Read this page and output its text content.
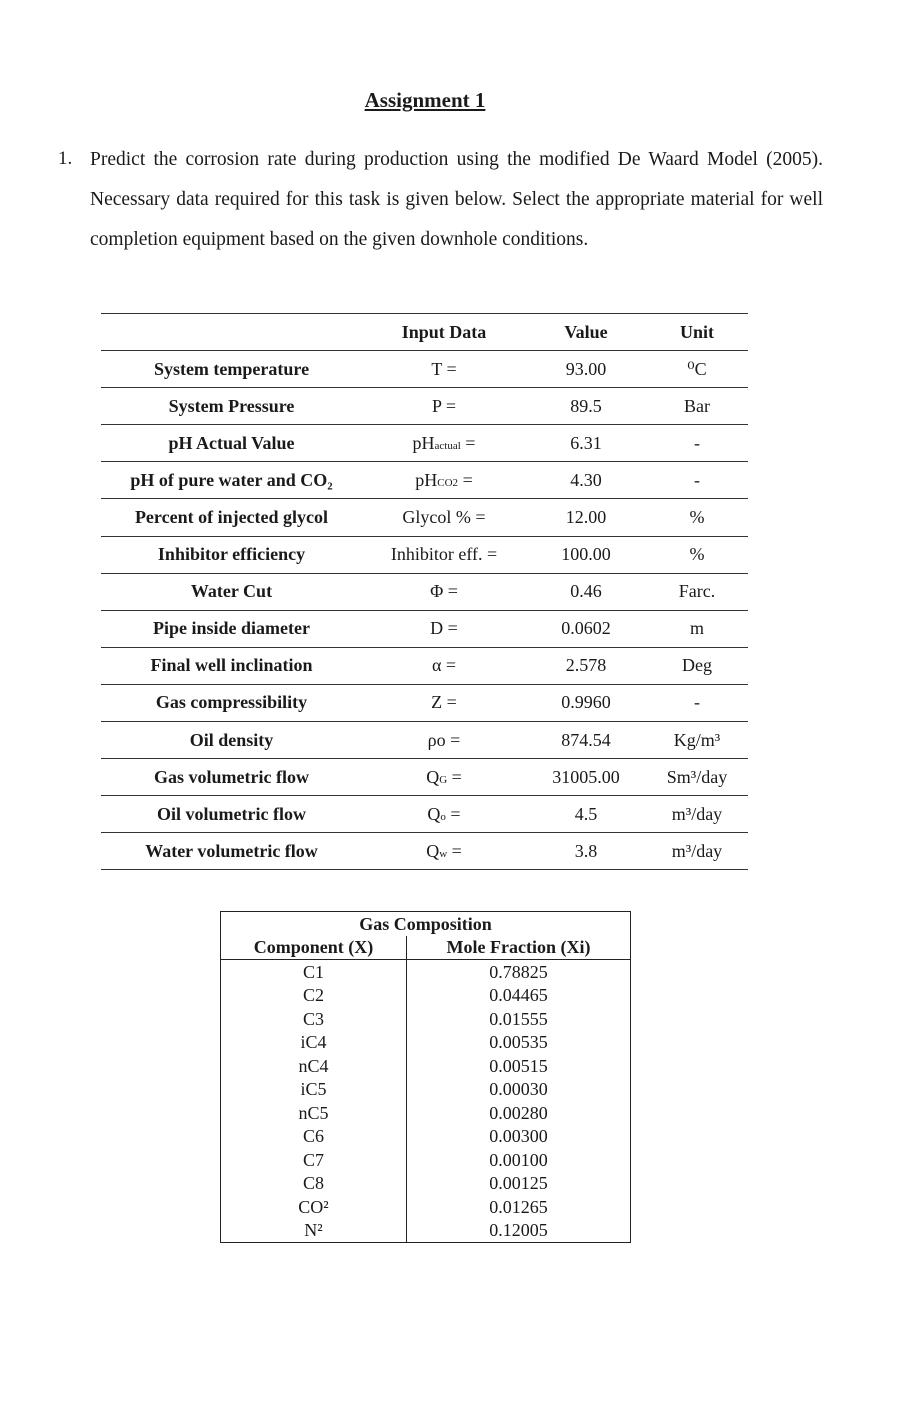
Assignment 1
1. Predict the corrosion rate during production using the modified De Waard Model (2005). Necessary data required for this task is given below. Select the appropriate material for well completion equipment based on the given downhole conditions.
	Input Data	Value	Unit
System temperature	T =	93.00	⁰C
System Pressure	P =	89.5	Bar
pH Actual Value	pHactual =	6.31	-
pH of pure water and CO₂	pHCO2 =	4.30	-
Percent of injected glycol	Glycol % =	12.00	%
Inhibitor efficiency	Inhibitor eff. =	100.00	%
Water Cut	Φ =	0.46	Farc.
Pipe inside diameter	D =	0.0602	m
Final well inclination	α =	2.578	Deg
Gas compressibility	Z =	0.9960	-
Oil density	ρo =	874.54	Kg/m³
Gas volumetric flow	QG =	31005.00	Sm³/day
Oil volumetric flow	Qo =	4.5	m³/day
Water volumetric flow	Qw =	3.8	m³/day
Gas Composition	
Component (X)	Mole Fraction (Xi)
C1	0.78825
C2	0.04465
C3	0.01555
iC4	0.00535
nC4	0.00515
iC5	0.00030
nC5	0.00280
C6	0.00300
C7	0.00100
C8	0.00125
CO²	0.01265
N²	0.12005
